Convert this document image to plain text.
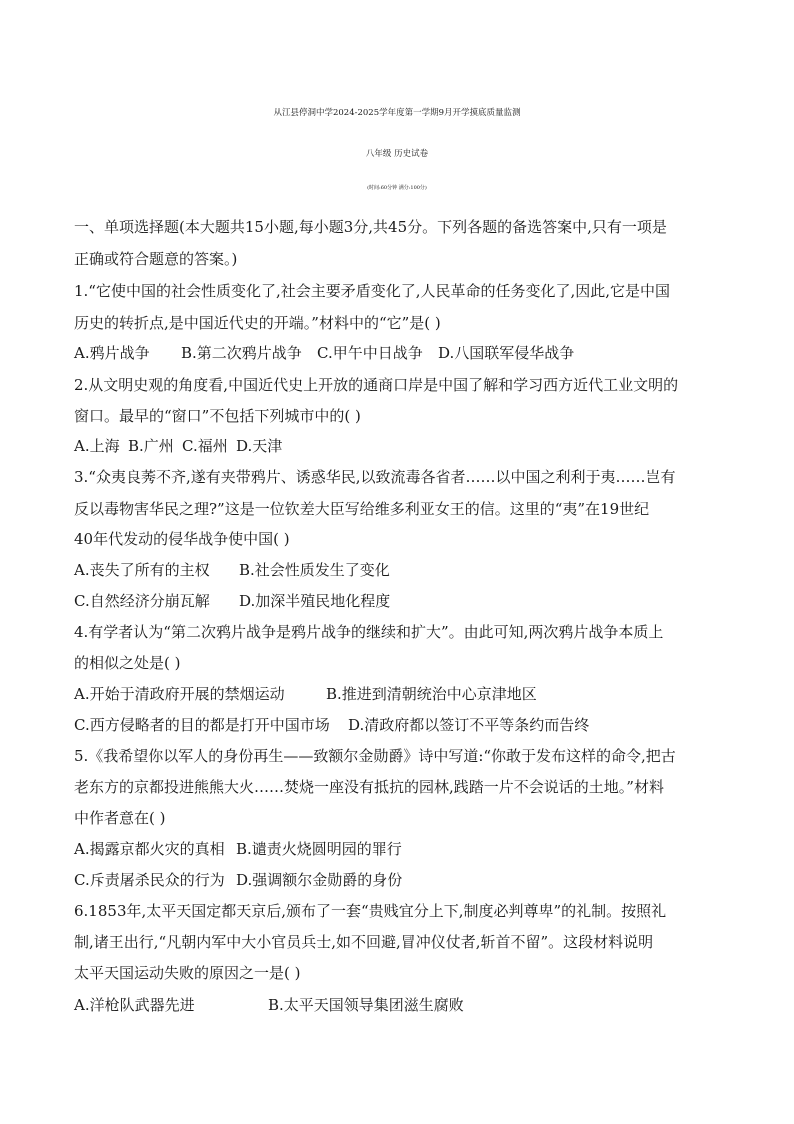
从江县停洞中学2024-2025学年度第一学期9月开学摸底质量监测
八年级 历史试卷
(时间:60分钟 满分:100分)
一、单项选择题(本大题共15小题,每小题3分,共45分。下列各题的备选答案中,只有一项是
正确或符合题意的答案。)
1.“它使中国的社会性质变化了,社会主要矛盾变化了,人民革命的任务变化了,因此,它是中国
历史的转折点,是中国近代史的开端。”材料中的“它”是( )
A.鸦片战争 B.第二次鸦片战争 C.甲午中日战争 D.八国联军侵华战争
2.从文明史观的角度看,中国近代史上开放的通商口岸是中国了解和学习西方近代工业文明的
窗口。最早的“窗口”不包括下列城市中的( )
A.上海 B.广州 C.福州 D.天津
3.“众夷良莠不齐,遂有夹带鸦片、诱惑华民,以致流毒各省者……以中国之利利于夷……岂有
反以毒物害华民之理?”这是一位钦差大臣写给维多利亚女王的信。这里的“夷”在19世纪
40年代发动的侵华战争使中国( )
A.丧失了所有的主权 B.社会性质发生了变化
C.自然经济分崩瓦解 D.加深半殖民地化程度
4.有学者认为“第二次鸦片战争是鸦片战争的继续和扩大”。由此可知,两次鸦片战争本质上
的相似之处是( )
A.开始于清政府开展的禁烟运动	B.推进到清朝统治中心京津地区
C.西方侵略者的目的都是打开中国市场 D.清政府都以签订不平等条约而告终
5.《我希望你以军人的身份再生——致额尔金勋爵》诗中写道:“你敢于发布这样的命令,把古
老东方的京都投进熊熊大火……焚烧一座没有抵抗的园林,践踏一片不会说话的土地。”材料
中作者意在( )
A.揭露京都火灾的真相 B.谴责火烧圆明园的罪行
C.斥责屠杀民众的行为 D.强调额尔金勋爵的身份
6.1853年,太平天国定都天京后,颁布了一套“贵贱宜分上下,制度必判尊卑”的礼制。按照礼
制,诸王出行,“凡朝内军中大小官员兵士,如不回避,冒冲仪仗者,斩首不留”。这段材料说明
太平天国运动失败的原因之一是( )
A.洋枪队武器先进	B.太平天国领导集团滋生腐败
